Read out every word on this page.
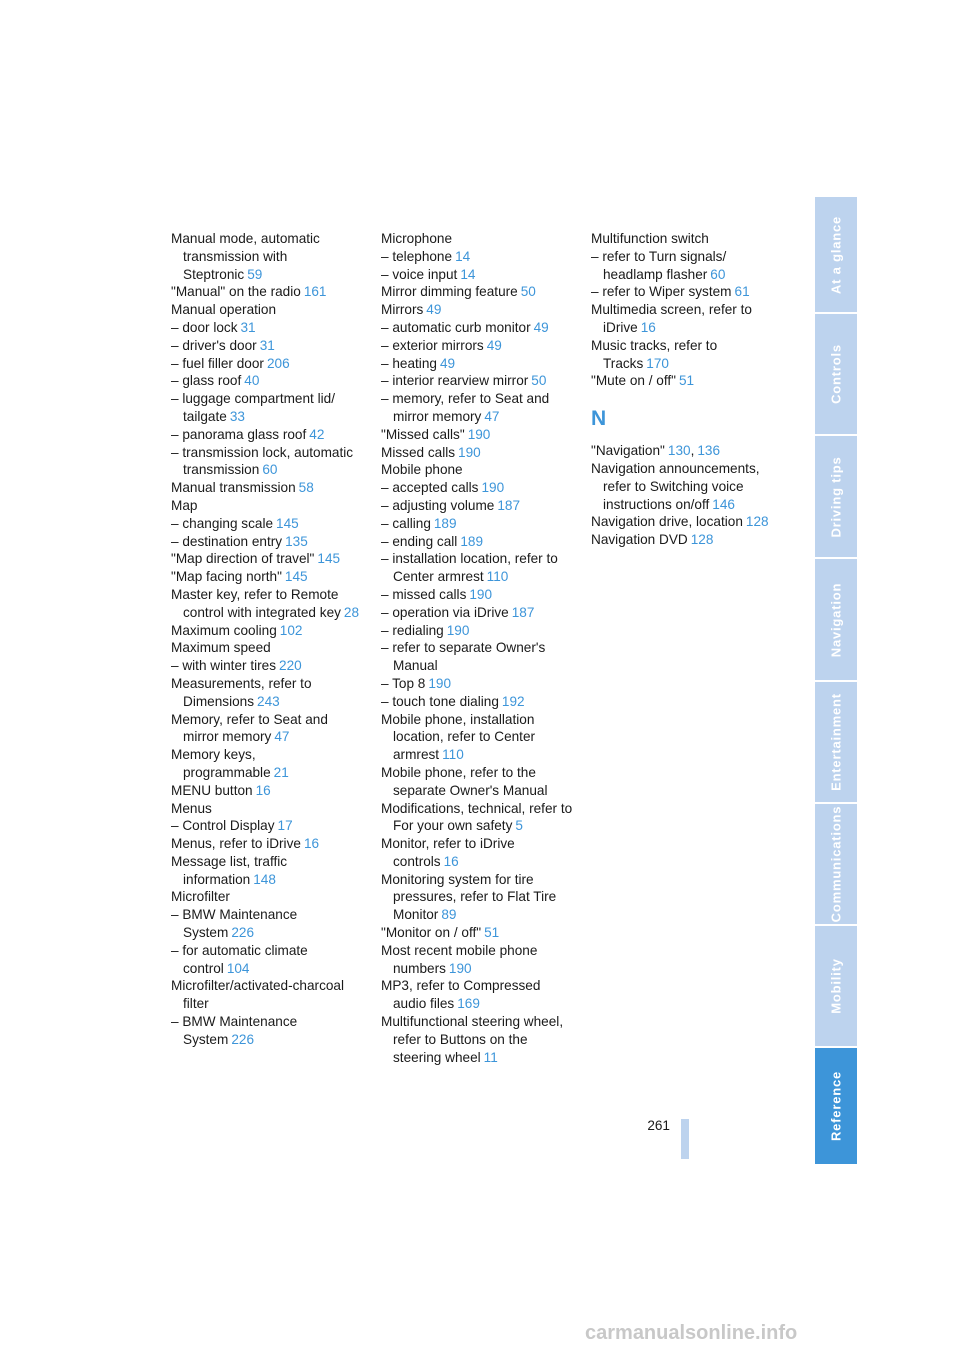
Manual mode, automatic transmission with Steptronic 59
"Manual" on the radio 161
Manual operation
– door lock 31
– driver's door 31
– fuel filler door 206
– glass roof 40
– luggage compartment lid/ tailgate 33
– panorama glass roof 42
– transmission lock, automatic transmission 60
Manual transmission 58
Map
– changing scale 145
– destination entry 135
"Map direction of travel" 145
"Map facing north" 145
Master key, refer to Remote control with integrated key 28
Maximum cooling 102
Maximum speed
– with winter tires 220
Measurements, refer to Dimensions 243
Memory, refer to Seat and mirror memory 47
Memory keys, programmable 21
MENU button 16
Menus
– Control Display 17
Menus, refer to iDrive 16
Message list, traffic information 148
Microfilter
– BMW Maintenance System 226
– for automatic climate control 104
Microfilter/activated-charcoal filter
– BMW Maintenance System 226
Microphone
– telephone 14
– voice input 14
Mirror dimming feature 50
Mirrors 49
– automatic curb monitor 49
– exterior mirrors 49
– heating 49
– interior rearview mirror 50
– memory, refer to Seat and mirror memory 47
"Missed calls" 190
Missed calls 190
Mobile phone
– accepted calls 190
– adjusting volume 187
– calling 189
– ending call 189
– installation location, refer to Center armrest 110
– missed calls 190
– operation via iDrive 187
– redialing 190
– refer to separate Owner's Manual
– Top 8 190
– touch tone dialing 192
Mobile phone, installation location, refer to Center armrest 110
Mobile phone, refer to the separate Owner's Manual
Modifications, technical, refer to For your own safety 5
Monitor, refer to iDrive controls 16
Monitoring system for tire pressures, refer to Flat Tire Monitor 89
"Monitor on / off" 51
Most recent mobile phone numbers 190
MP3, refer to Compressed audio files 169
Multifunctional steering wheel, refer to Buttons on the steering wheel 11
Multifunction switch
– refer to Turn signals/ headlamp flasher 60
– refer to Wiper system 61
Multimedia screen, refer to iDrive 16
Music tracks, refer to Tracks 170
"Mute on / off" 51
N
"Navigation" 130, 136
Navigation announcements, refer to Switching voice instructions on/off 146
Navigation drive, location 128
Navigation DVD 128
At a glance
Controls
Driving tips
Navigation
Entertainment
Communications
Mobility
Reference
261
carmanualsonline.info
